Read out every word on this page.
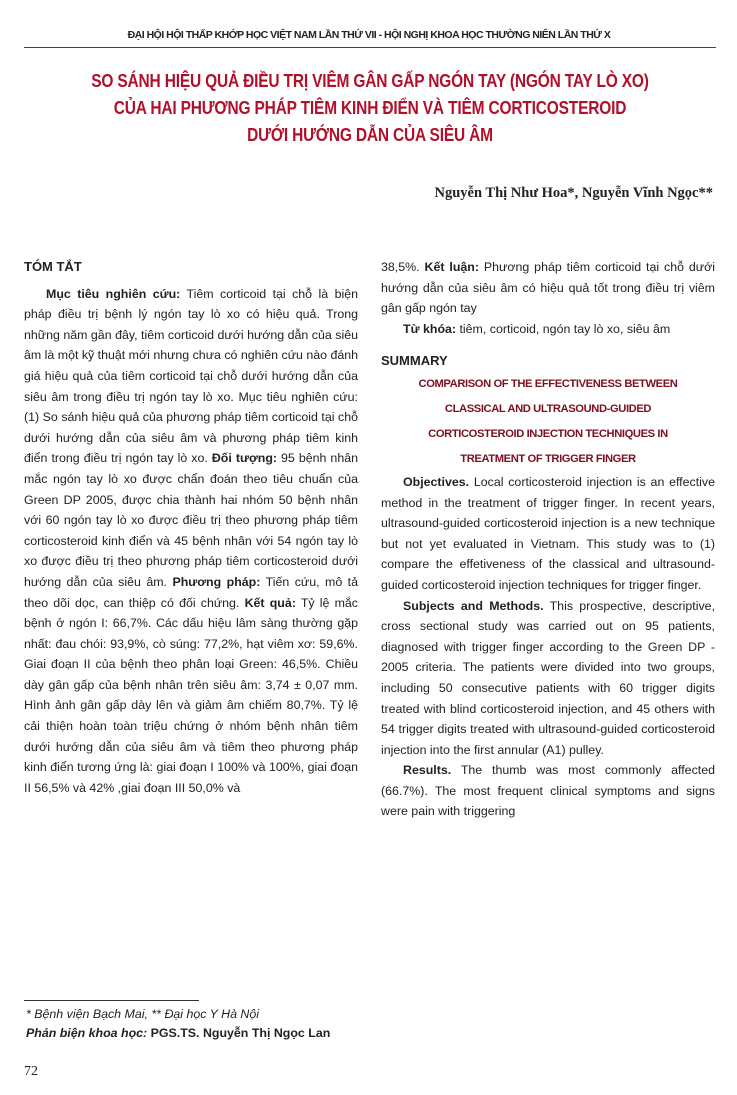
ĐẠI HỘI HỘI THẤP KHỚP HỌC VIỆT NAM LẦN THỨ VII - HỘI NGHỊ KHOA HỌC THƯỜNG NIÊN LẦN THỨ X
SO SÁNH HIỆU QUẢ ĐIỀU TRỊ VIÊM GÂN GẤP NGÓN TAY (NGÓN TAY LÒ XO)
CỦA HAI PHƯƠNG PHÁP TIÊM KINH ĐIỂN VÀ TIÊM CORTICOSTEROID
DƯỚI HƯỚNG DẪN CỦA SIÊU ÂM
Nguyễn Thị Như Hoa*, Nguyễn Vĩnh Ngọc**

TÓM TẮT

Mục tiêu nghiên cứu: Tiêm corticoid tại chỗ là biện pháp điều trị bệnh lý ngón tay lò xo có hiệu quả. Trong những năm gần đây, tiêm corticoid dưới hướng dẫn của siêu âm là một kỹ thuật mới nhưng chưa có nghiên cứu nào đánh giá hiệu quả của tiêm corticoid tại chỗ dưới hướng dẫn của siêu âm trong điều trị ngón tay lò xo. Mục tiêu nghiên cứu: (1) So sánh hiệu quả của phương pháp tiêm corticoid tại chỗ dưới hướng dẫn của siêu âm và phương pháp tiêm kinh điển trong điều trị ngón tay lò xo. Đối tượng: 95 bệnh nhân mắc ngón tay lò xo được chẩn đoán theo tiêu chuẩn của Green DP 2005, được chia thành hai nhóm 50 bệnh nhân với 60 ngón tay lò xo được điều trị theo phương pháp tiêm corticosteroid kinh điển và 45 bệnh nhân với 54 ngón tay lò xo được điều trị theo phương pháp tiêm corticosteroid dưới hướng dẫn của siêu âm. Phương pháp: Tiến cứu, mô tả theo dõi dọc, can thiệp có đối chứng. Kết quả: Tỷ lệ mắc bệnh ở ngón I: 66,7%. Các dấu hiệu lâm sàng thường gặp nhất: đau chói: 93,9%, cò súng: 77,2%, hạt viêm xơ: 59,6%. Giai đoạn II của bệnh theo phân loại Green: 46,5%. Chiều dày gân gấp của bệnh nhân trên siêu âm: 3,74 ± 0,07 mm. Hình ảnh gân gấp dày lên và giảm âm chiếm 80,7%. Tỷ lệ cải thiện hoàn toàn triệu chứng ở nhóm bệnh nhân tiêm dưới hướng dẫn của siêu âm và tiêm theo phương pháp kinh điển tương ứng là: giai đoạn I 100% và 100%, giai đoạn II 56,5% và 42% ,giai đoạn III 50,0% và

38,5%. Kết luận: Phương pháp tiêm corticoid tại chỗ dưới hướng dẫn của siêu âm có hiệu quả tốt trong điều trị viêm gân gấp ngón tay

Từ khóa: tiêm, corticoid, ngón tay lò xo, siêu âm

SUMMARY

COMPARISON OF THE EFFECTIVENESS BETWEEN
CLASSICAL AND ULTRASOUND-GUIDED
CORTICOSTEROID INJECTION TECHNIQUES IN
TREATMENT OF TRIGGER FINGER

Objectives. Local corticosteroid injection is an effective method in the treatment of trigger finger. In recent years, ultrasound-guided corticosteroid injection is a new technique but not yet evaluated in Vietnam. This study was to (1) compare the effetiveness of the classical and ultrasound-guided corticosteroid injection techniques for trigger finger.

Subjects and Methods. This prospective, descriptive, cross sectional study was carried out on 95 patients, diagnosed with trigger finger according to the Green DP - 2005 criteria. The patients were divided into two groups, including 50 consecutive patients with 60 trigger digits treated with blind corticosteroid injection, and 45 others with 54 trigger digits treated with ultrasound-guided corticosteroid injection into the first annular (A1) pulley.

Results. The thumb was most commonly affected (66.7%). The most frequent clinical symptoms and signs were pain with triggering

* Bệnh viện Bạch Mai, ** Đại học Y Hà Nội
Phản biện khoa học: PGS.TS. Nguyễn Thị Ngọc Lan
72
